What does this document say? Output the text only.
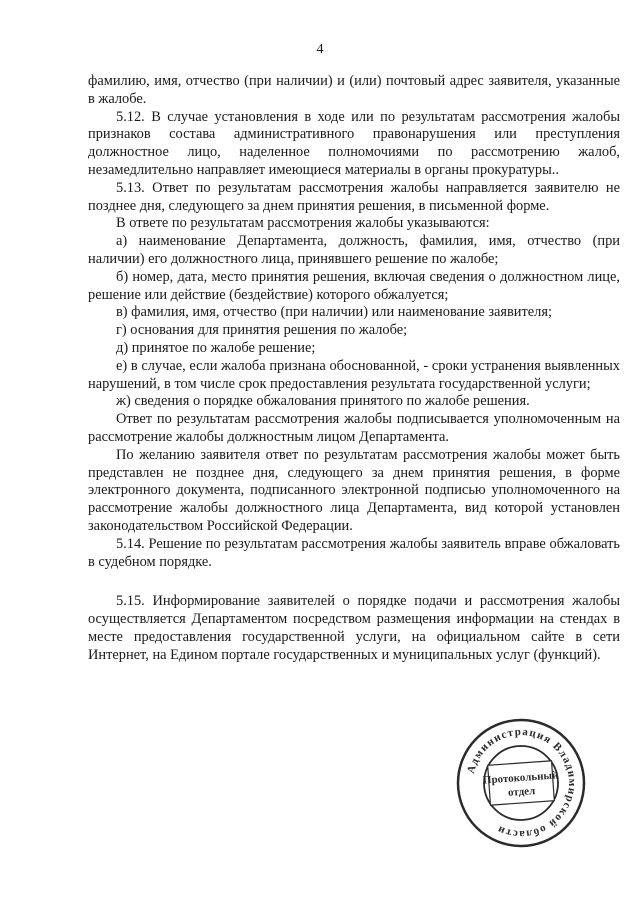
4

фамилию, имя, отчество (при наличии) и (или) почтовый адрес заявителя, указанные в жалобе.

5.12. В случае установления в ходе или по результатам рассмотрения жалобы признаков состава административного правонарушения или преступления должностное лицо, наделенное полномочиями по рассмотрению жалоб, незамедлительно направляет имеющиеся материалы в органы прокуратуры..

5.13. Ответ по результатам рассмотрения жалобы направляется заявителю не позднее дня, следующего за днем принятия решения, в письменной форме.

В ответе по результатам рассмотрения жалобы указываются:

а) наименование Департамента, должность, фамилия, имя, отчество (при наличии) его должностного лица, принявшего решение по жалобе;

б) номер, дата, место принятия решения, включая сведения о должностном лице, решение или действие (бездействие) которого обжалуется;

в) фамилия, имя, отчество (при наличии) или наименование заявителя;

г) основания для принятия решения по жалобе;

д) принятое по жалобе решение;

е) в случае, если жалоба признана обоснованной, - сроки устранения выявленных нарушений, в том числе срок предоставления результата государственной услуги;

ж) сведения о порядке обжалования принятого по жалобе решения.

Ответ по результатам рассмотрения жалобы подписывается уполномоченным на рассмотрение жалобы должностным лицом Департамента.

По желанию заявителя ответ по результатам рассмотрения жалобы может быть представлен не позднее дня, следующего за днем принятия решения, в форме электронного документа, подписанного электронной подписью уполномоченного на рассмотрение жалобы должностного лица Департамента, вид которой установлен законодательством Российской Федерации.

5.14. Решение по результатам рассмотрения жалобы заявитель вправе обжаловать в судебном порядке.

5.15. Информирование заявителей о порядке подачи и рассмотрения жалобы осуществляется Департаментом посредством размещения информации на стендах в месте предоставления государственной услуги, на официальном сайте в сети Интернет, на Едином портале государственных и муниципальных услуг (функций).

Администрация Владимирской области
Протокольный
отдел
